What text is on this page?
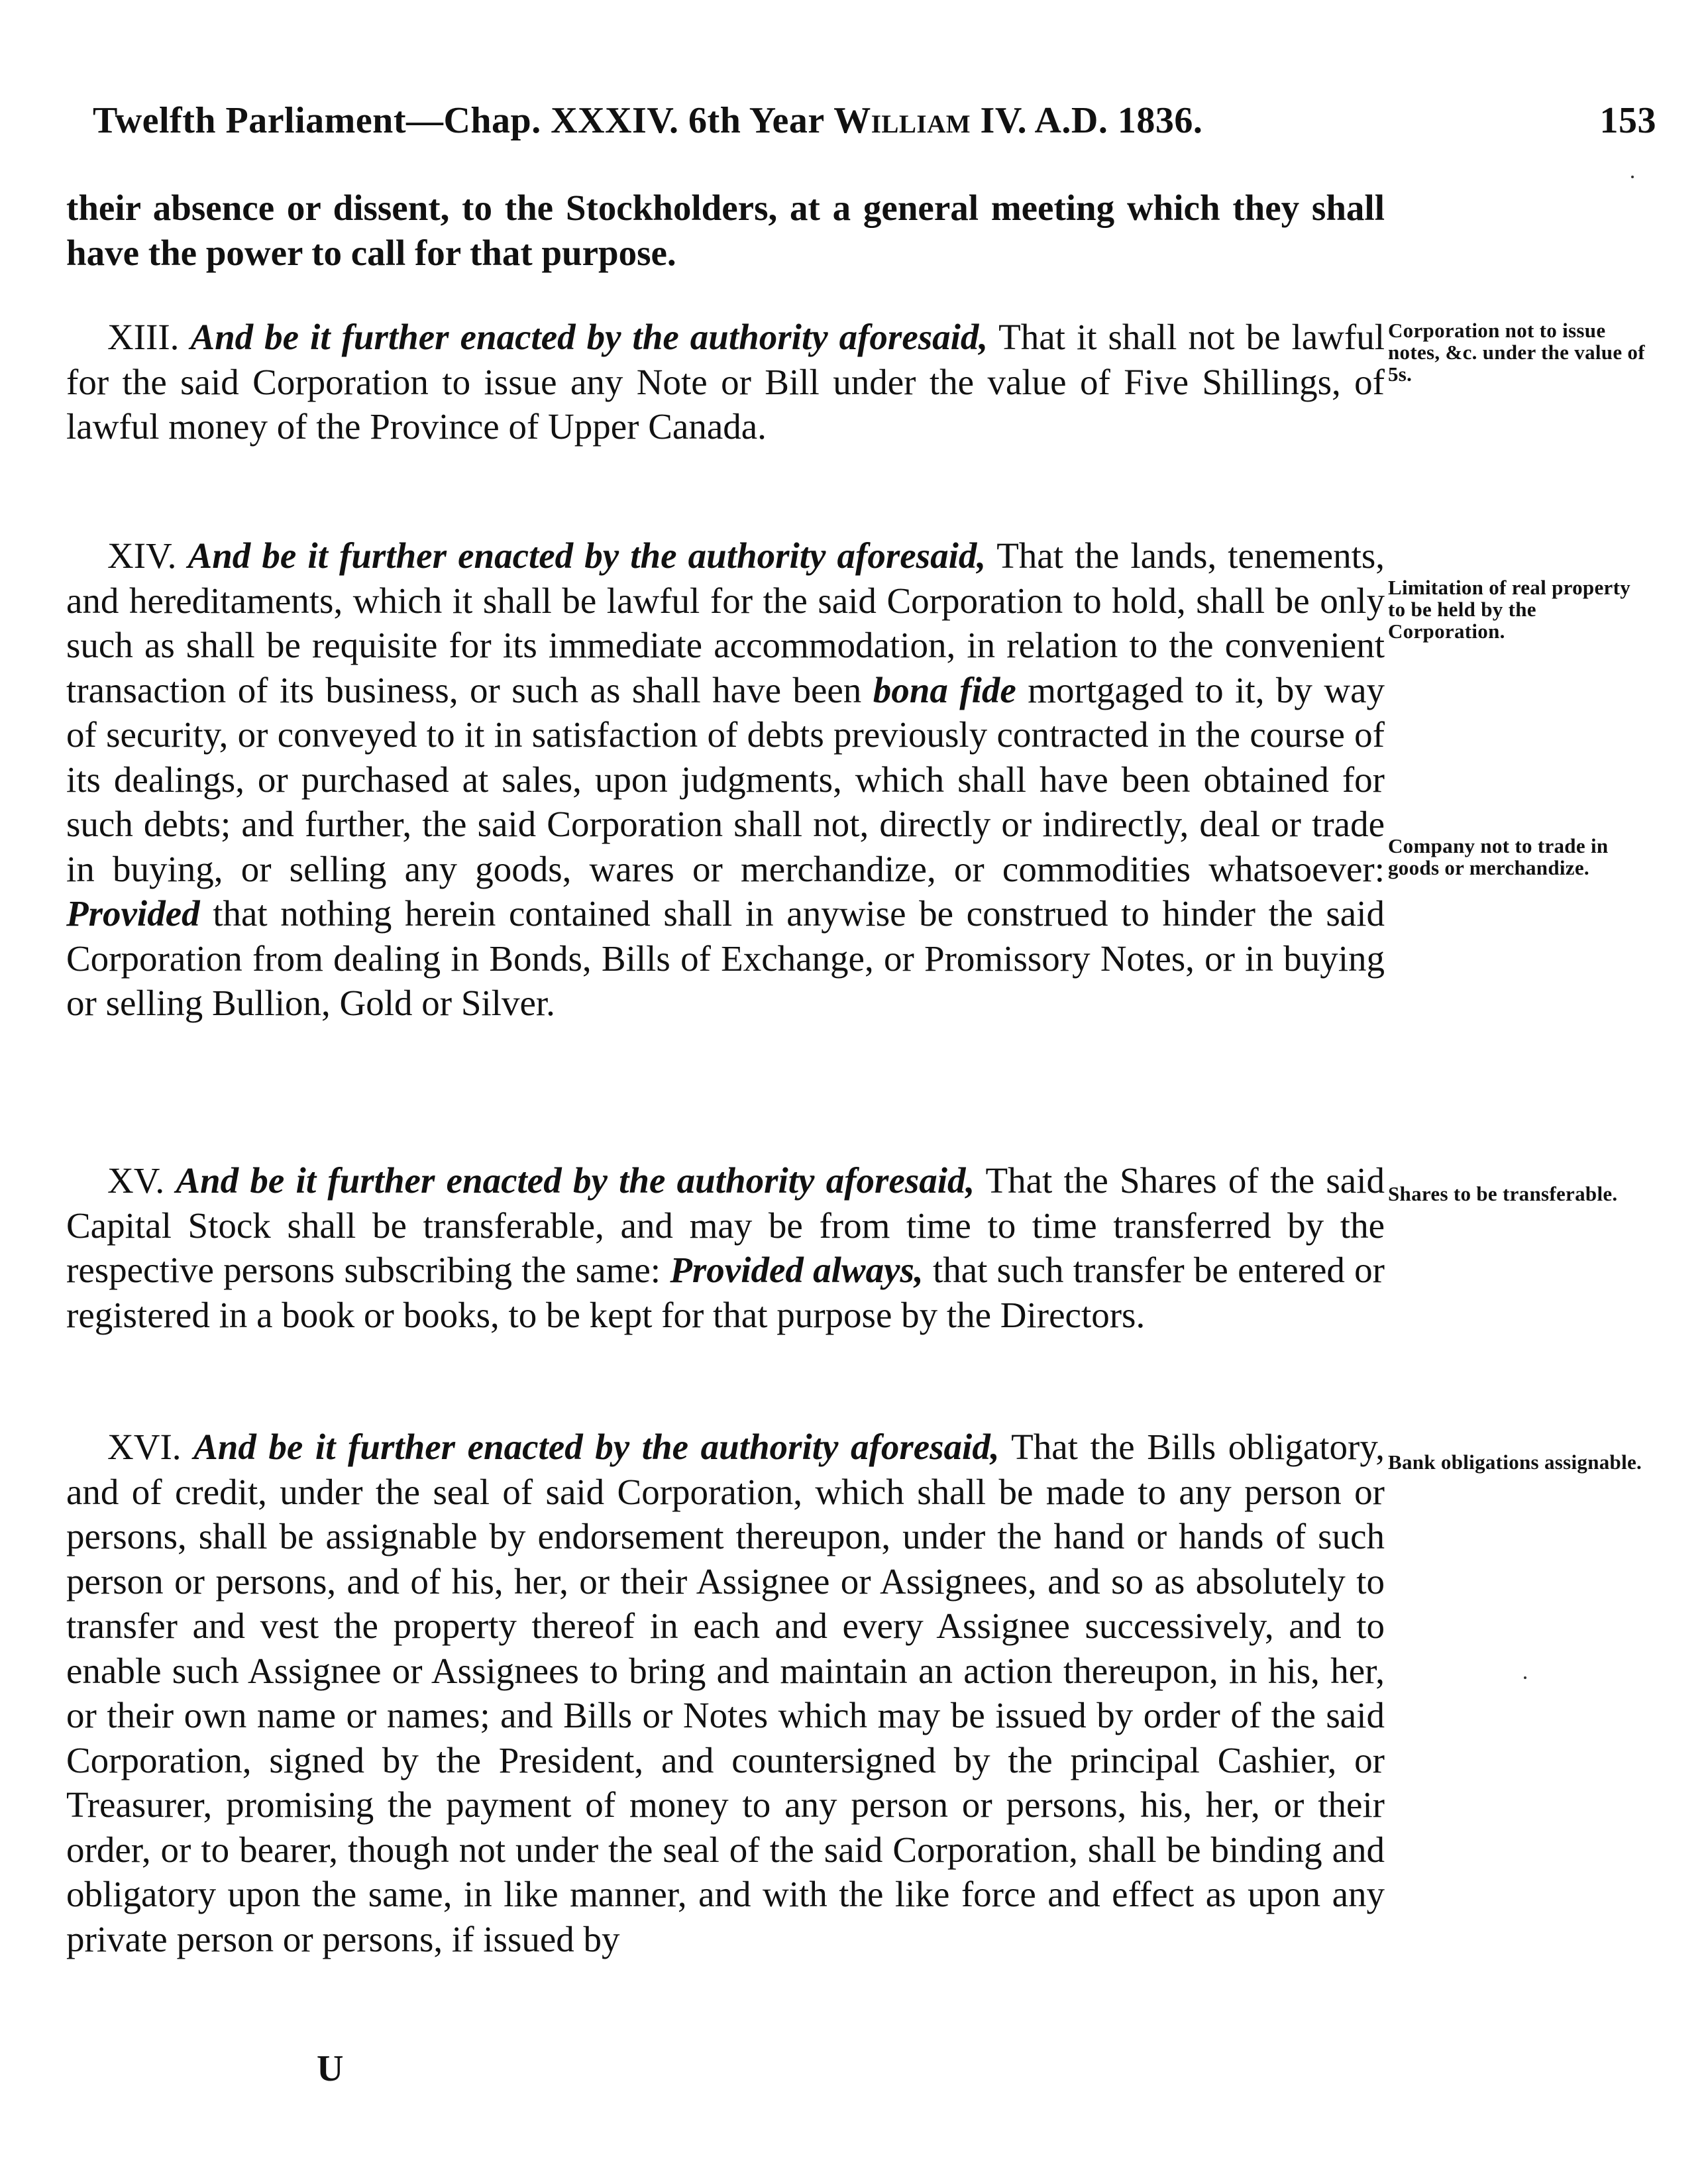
Twelfth Parliament—Chap. XXXIV. 6th Year William IV. A.D. 1836.	153

their absence or dissent, to the Stockholders, at a general meeting which they shall have the power to call for that purpose.

XIII. And be it further enacted by the authority aforesaid, That it shall not be lawful for the said Corporation to issue any Note or Bill under the value of Five Shillings, of lawful money of the Province of Upper Canada.

Corporation not to issue notes, &c. under the value of 5s.

XIV. And be it further enacted by the authority aforesaid, That the lands, tenements, and hereditaments, which it shall be lawful for the said Corporation to hold, shall be only such as shall be requisite for its immediate accommodation, in relation to the convenient transaction of its business, or such as shall have been bona fide mortgaged to it, by way of security, or conveyed to it in satisfaction of debts previously contracted in the course of its dealings, or purchased at sales, upon judgments, which shall have been obtained for such debts; and further, the said Corporation shall not, directly or indirectly, deal or trade in buying, or selling any goods, wares or merchandize, or commodities whatsoever: Provided that nothing herein contained shall in anywise be construed to hinder the said Corporation from dealing in Bonds, Bills of Exchange, or Promissory Notes, or in buying or selling Bullion, Gold or Silver.

Limitation of real property to be held by the Corporation.

Company not to trade in goods or merchandize.

XV. And be it further enacted by the authority aforesaid, That the Shares of the said Capital Stock shall be transferable, and may be from time to time transferred by the respective persons subscribing the same: Provided always, that such transfer be entered or registered in a book or books, to be kept for that purpose by the Directors.

Shares to be transferable.

XVI. And be it further enacted by the authority aforesaid, That the Bills obligatory, and of credit, under the seal of said Corporation, which shall be made to any person or persons, shall be assignable by endorsement thereupon, under the hand or hands of such person or persons, and of his, her, or their Assignee or Assignees, and so as absolutely to transfer and vest the property thereof in each and every Assignee successively, and to enable such Assignee or Assignees to bring and maintain an action thereupon, in his, her, or their own name or names; and Bills or Notes which may be issued by order of the said Corporation, signed by the President, and countersigned by the principal Cashier, or Treasurer, promising the payment of money to any person or persons, his, her, or their order, or to bearer, though not under the seal of the said Corporation, shall be binding and obligatory upon the same, in like manner, and with the like force and effect as upon any private person or persons, if issued by

Bank obligations assignable.

U
